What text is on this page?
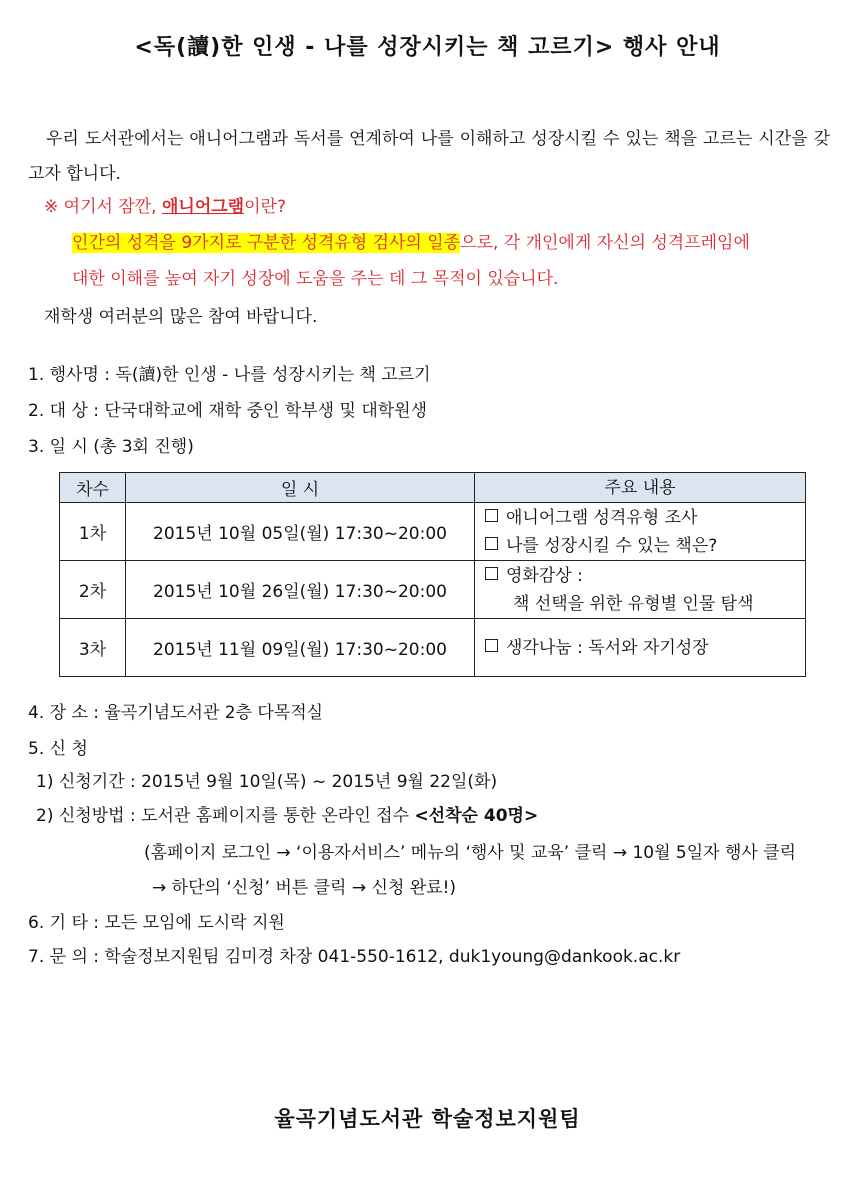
<독(讀)한 인생 - 나를 성장시키는 책 고르기> 행사 안내
우리 도서관에서는 애니어그램과 독서를 연계하여 나를 이해하고 성장시킬 수 있는 책을 고르는 시간을 갖고자 합니다.
※ 여기서 잠깐, 애니어그램이란?
인간의 성격을 9가지로 구분한 성격유형 검사의 일종으로, 각 개인에게 자신의 성격프레임에
대한 이해를 높여 자기 성장에 도움을 주는 데 그 목적이 있습니다.
재학생 여러분의 많은 참여 바랍니다.
1. 행사명 : 독(讀)한 인생 - 나를 성장시키는 책 고르기
2. 대 상 : 단국대학교에 재학 중인 학부생 및 대학원생
3. 일 시 (총 3회 진행)
차수	일 시	주요 내용
1차	2015년 10월 05일(월) 17:30~20:00	애니어그램 성격유형 조사
나를 성장시킬 수 있는 책은?

2차	2015년 10월 26일(월) 17:30~20:00	영화감상 :
책 선택을 위한 유형별 인물 탐색

3차	2015년 11월 09일(월) 17:30~20:00	생각나눔 : 독서와 자기성장
4. 장 소 : 율곡기념도서관 2층 다목적실
5. 신 청
1) 신청기간 : 2015년 9월 10일(목) ~ 2015년 9월 22일(화)
2) 신청방법 : 도서관 홈페이지를 통한 온라인 접수 <선착순 40명>
(홈페이지 로그인 → ‘이용자서비스’ 메뉴의 ‘행사 및 교육’ 클릭 → 10월 5일자 행사 클릭
→ 하단의 ‘신청’ 버튼 클릭 → 신청 완료!)
6. 기 타 : 모든 모임에 도시락 지원
7. 문 의 : 학술정보지원팀 김미경 차장 041-550-1612, duk1young@dankook.ac.kr
율곡기념도서관 학술정보지원팀
